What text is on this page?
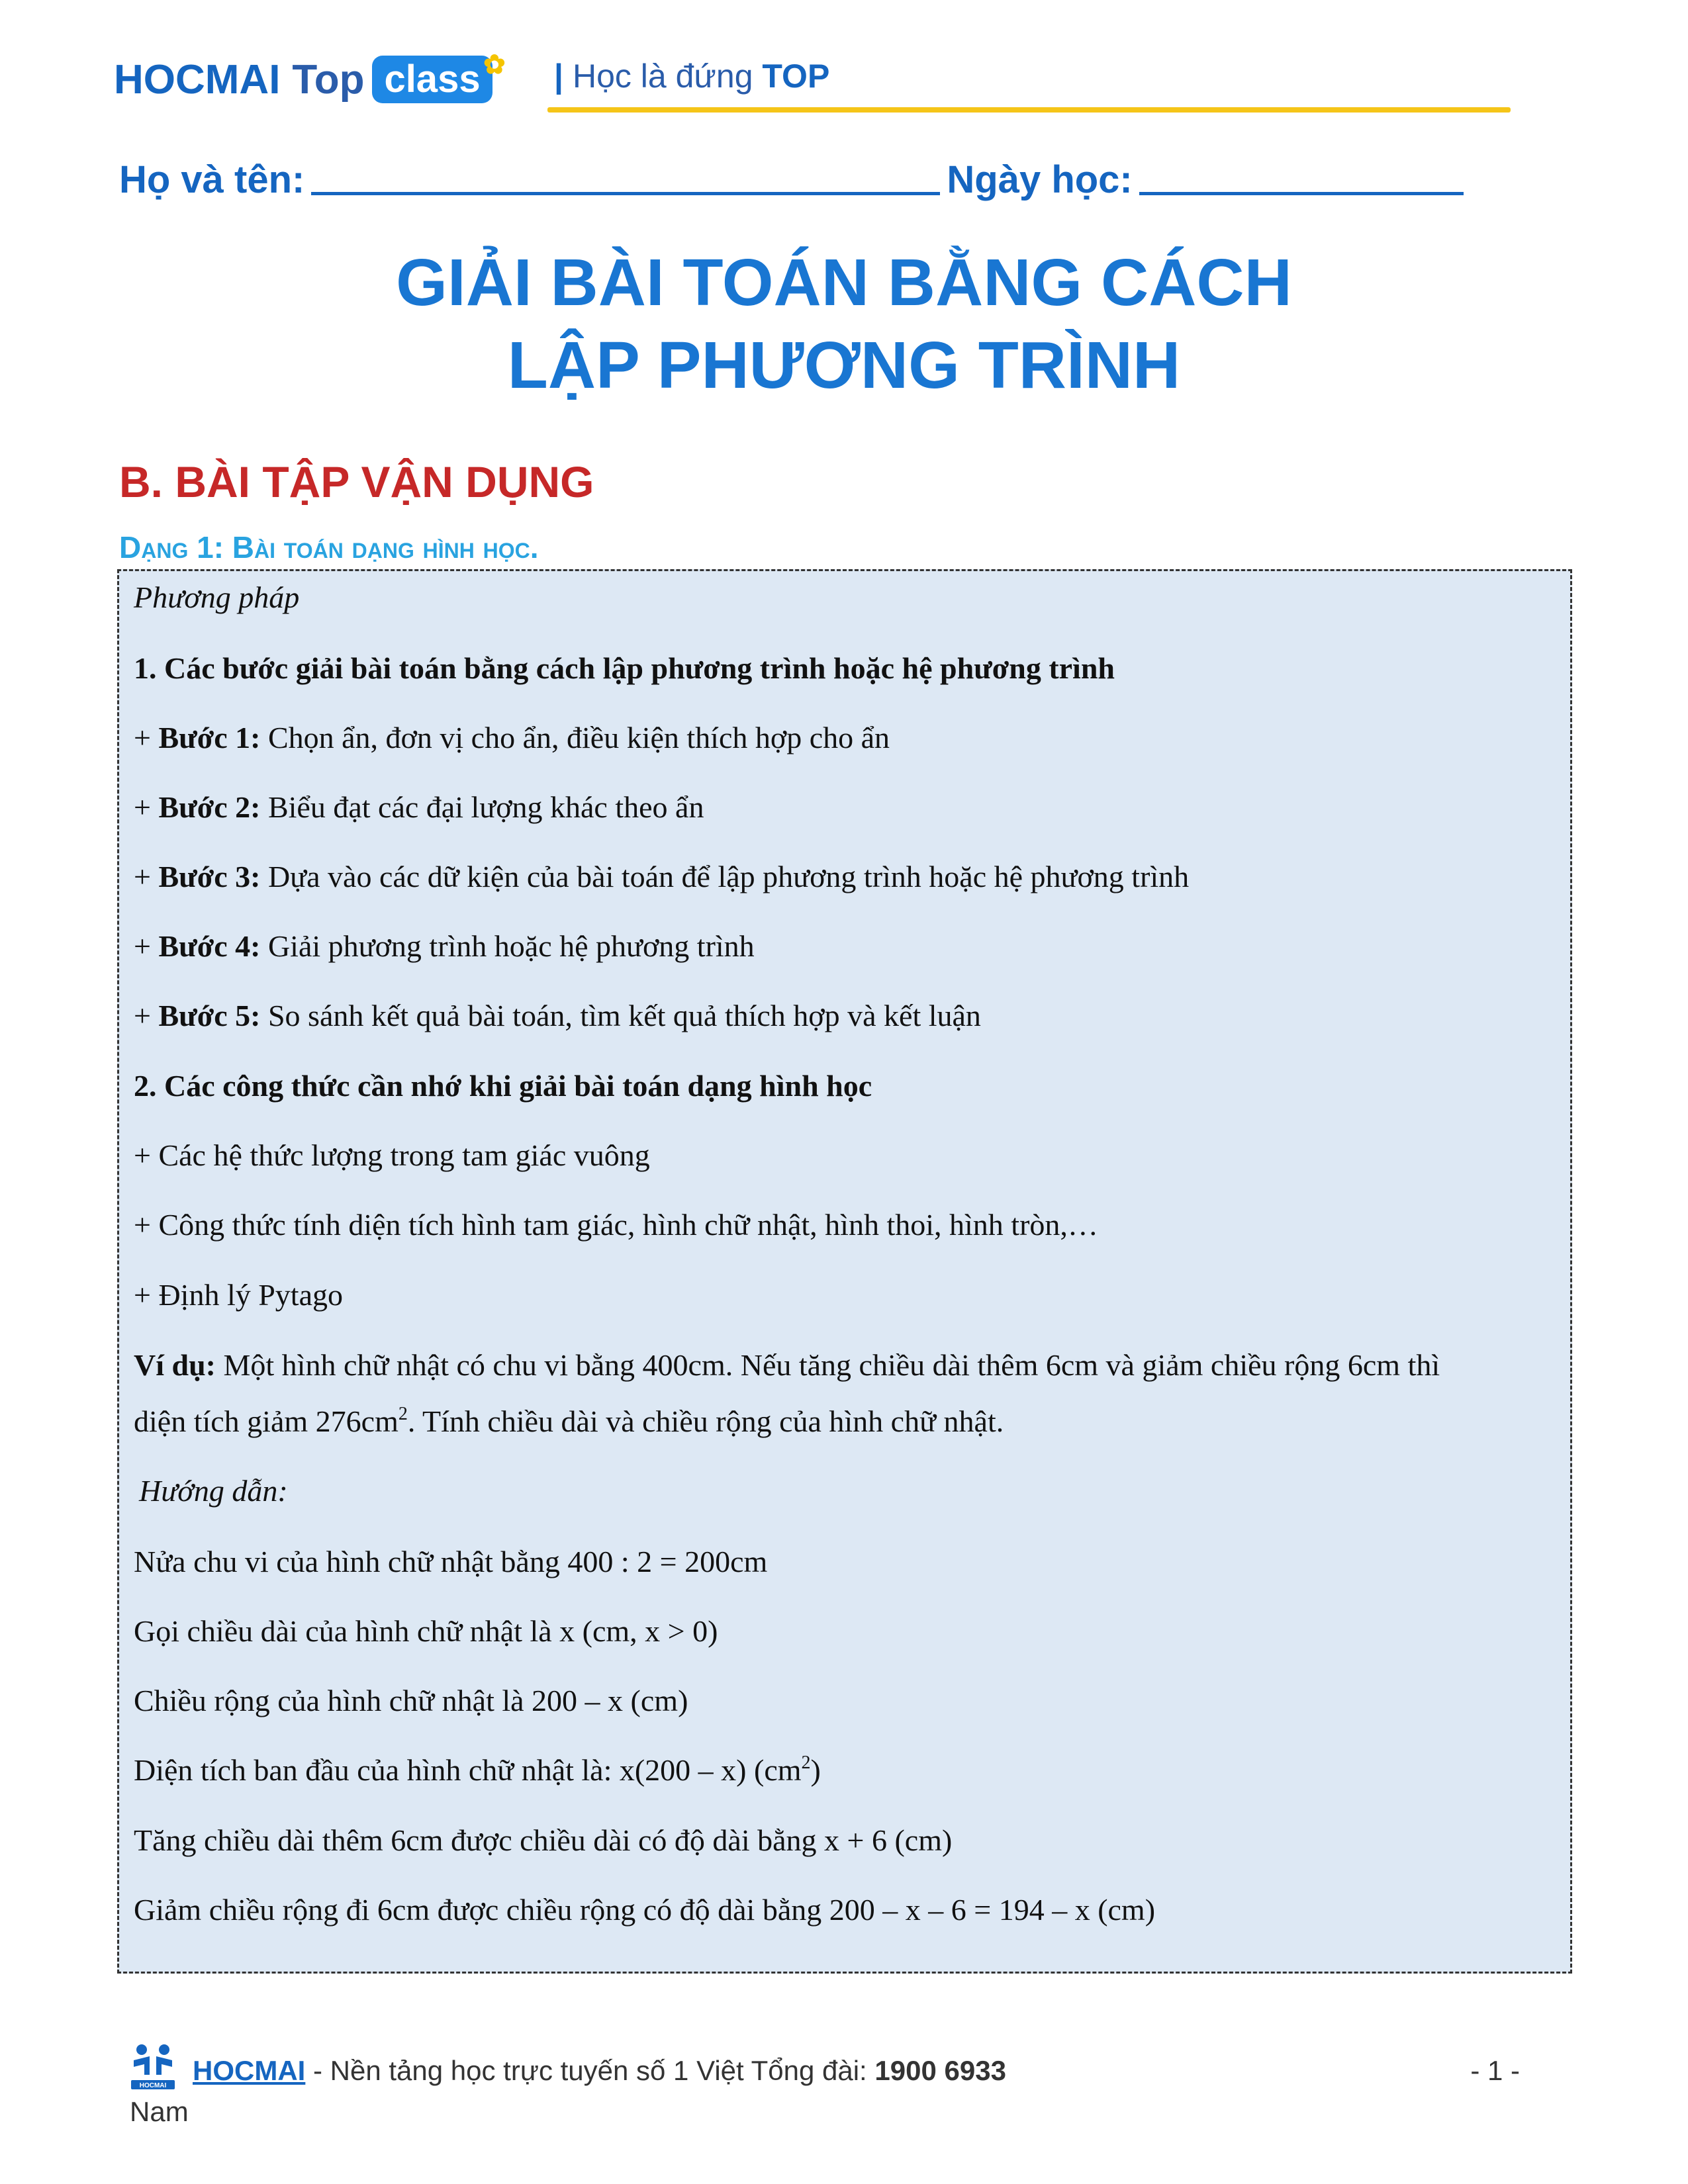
HOCMAI Top class ✿ | Học là đứng TOP
Họ và tên:	Ngày học:
GIẢI BÀI TOÁN BẰNG CÁCH
LẬP PHƯƠNG TRÌNH
B. BÀI TẬP VẬN DỤNG
Dạng 1: Bài toán dạng hình học.
Phương pháp
1. Các bước giải bài toán bằng cách lập phương trình hoặc hệ phương trình
+ Bước 1: Chọn ẩn, đơn vị cho ẩn, điều kiện thích hợp cho ẩn
+ Bước 2: Biểu đạt các đại lượng khác theo ẩn
+ Bước 3: Dựa vào các dữ kiện của bài toán để lập phương trình hoặc hệ phương trình
+ Bước 4: Giải phương trình hoặc hệ phương trình
+ Bước 5: So sánh kết quả bài toán, tìm kết quả thích hợp và kết luận
2. Các công thức cần nhớ khi giải bài toán dạng hình học
+ Các hệ thức lượng trong tam giác vuông
+ Công thức tính diện tích hình tam giác, hình chữ nhật, hình thoi, hình tròn,…
+ Định lý Pytago
Ví dụ: Một hình chữ nhật có chu vi bằng 400cm. Nếu tăng chiều dài thêm 6cm và giảm chiều rộng 6cm thì
diện tích giảm $276cm^2$. Tính chiều dài và chiều rộng của hình chữ nhật.
Hướng dẫn:
Nửa chu vi của hình chữ nhật bằng 400 : 2 = 200cm
Gọi chiều dài của hình chữ nhật là x (cm, x > 0)
Chiều rộng của hình chữ nhật là 200 – x (cm)
Diện tích ban đầu của hình chữ nhật là: x(200 – x) $(cm^2)$
Tăng chiều dài thêm 6cm được chiều dài có độ dài bằng x + 6 (cm)
Giảm chiều rộng đi 6cm được chiều rộng có độ dài bằng 200 – x – 6 = 194 – x (cm)
HOCMAI HOCMAI - Nền tảng học trực tuyến số 1 Việt Tổng đài: 1900 6933	- 1 -
Nam
